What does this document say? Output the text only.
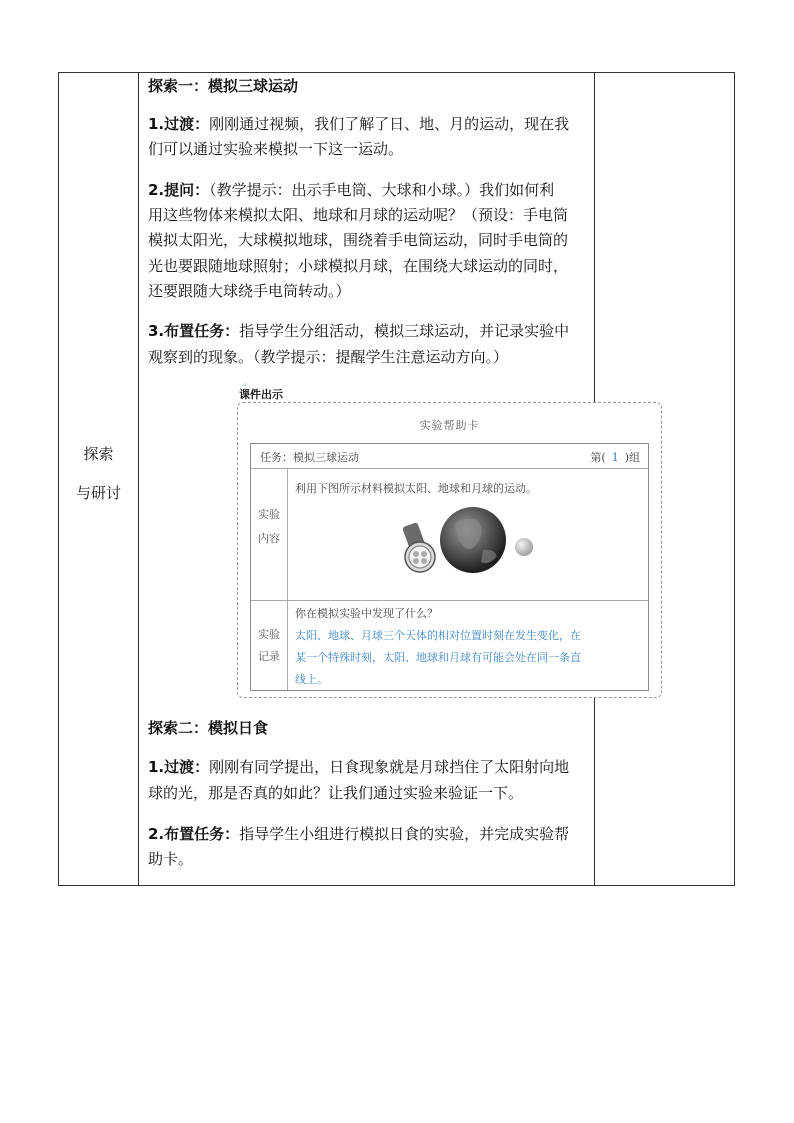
探索
与研讨

探索一：模拟三球运动

1.过渡：刚刚通过视频，我们了解了日、地、月的运动，现在我

们可以通过实验来模拟一下这一运动。

2.提问：（教学提示：出示手电筒、大球和小球。）我们如何利

用这些物体来模拟太阳、地球和月球的运动呢？（预设：手电筒

模拟太阳光，大球模拟地球，围绕着手电筒运动，同时手电筒的

光也要跟随地球照射；小球模拟月球，在围绕大球运动的同时，

还要跟随大球绕手电筒转动。）

3.布置任务：指导学生分组活动，模拟三球运动，并记录实验中

观察到的现象。（教学提示：提醒学生注意运动方向。）

课件出示
实验帮助卡
任务：模拟三球运动	第( 1 )组
实验
内容
利用下图所示材料模拟太阳、地球和月球的运动。
实验
记录
你在模拟实验中发现了什么？
太阳、地球、月球三个天体的相对位置时刻在发生变化，在
某一个特殊时刻，太阳、地球和月球有可能会处在同一条直
线上。

探索二：模拟日食

1.过渡：刚刚有同学提出，日食现象就是月球挡住了太阳射向地

球的光，那是否真的如此？让我们通过实验来验证一下。

2.布置任务：指导学生小组进行模拟日食的实验，并完成实验帮

助卡。
